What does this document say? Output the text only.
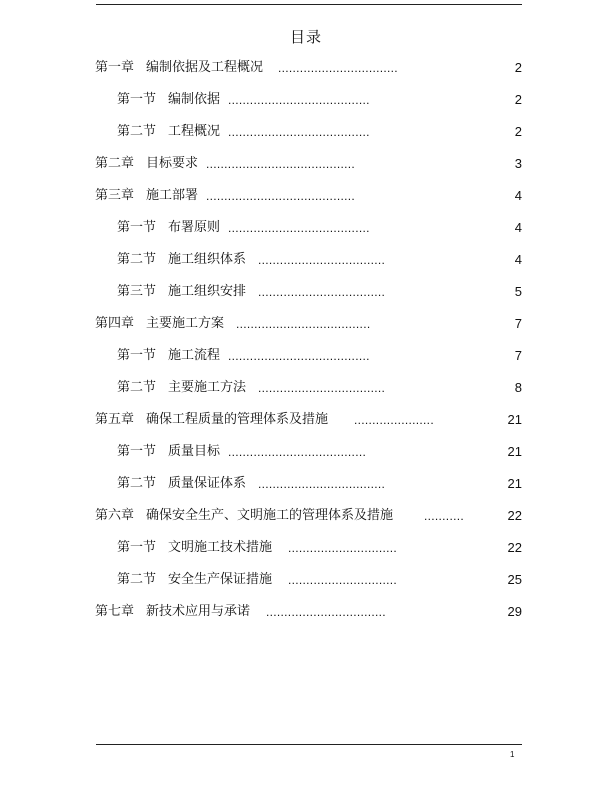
目录
第一章 编制依据及工程概况 .................................	2
第一节 编制依据 .......................................	2
第二节 工程概况 .......................................	2
第二章 目标要求 .........................................	3
第三章 施工部署 .........................................	4
第一节 布署原则 .......................................	4
第二节 施工组织体系 ...................................	4
第三节 施工组织安排 ...................................	5
第四章 主要施工方案 .....................................	7
第一节 施工流程 .......................................	7
第二节 主要施工方法 ...................................	8
第五章 确保工程质量的管理体系及措施 ......................	21
第一节 质量目标 ......................................	21
第二节 质量保证体系 ...................................	21
第六章 确保安全生产、文明施工的管理体系及措施	...........	22
第一节 文明施工技术措施 ..............................	22
第二节 安全生产保证措施 ..............................	25
第七章 新技术应用与承诺 .................................	29
1
